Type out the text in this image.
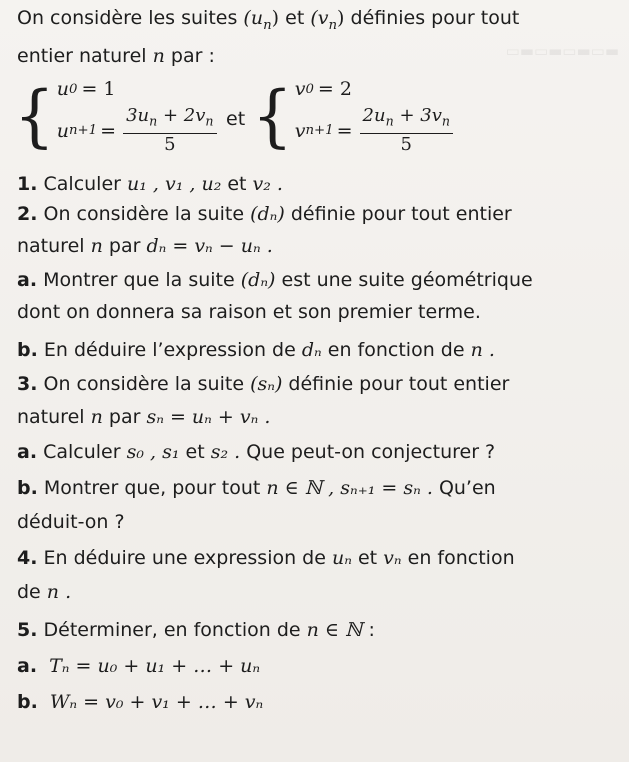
▭▬▭▬▭▬▭▬
On considère les suites $(u_n)$ et $(v_n)$ définies pour tout
entier naturel n par :
{ u 0 = 1
u $n+1 = \frac{3u_n + 2v_n}{5}$ et { v 0 = 2
v $n+1 = \frac{2u_n + 3v_n}{5}$
1. Calculer u₁ , v₁ , u₂ et v₂ .
2. On considère la suite (dₙ) définie pour tout entier
naturel n par dₙ = vₙ − uₙ .
a. Montrer que la suite (dₙ) est une suite géométrique
dont on donnera sa raison et son premier terme.
b. En déduire l’expression de dₙ en fonction de n .
3. On considère la suite (sₙ) définie pour tout entier
naturel n par sₙ = uₙ + vₙ .
a. Calculer s₀ , s₁ et s₂ . Que peut-on conjecturer ?
b. Montrer que, pour tout n ∈ ℕ , sₙ₊₁ = sₙ . Qu’en
déduit-on ?
4. En déduire une expression de uₙ et vₙ en fonction
de n .
5. Déterminer, en fonction de n ∈ ℕ :
a. Tₙ = u₀ + u₁ + … + uₙ
b. Wₙ = v₀ + v₁ + … + vₙ
